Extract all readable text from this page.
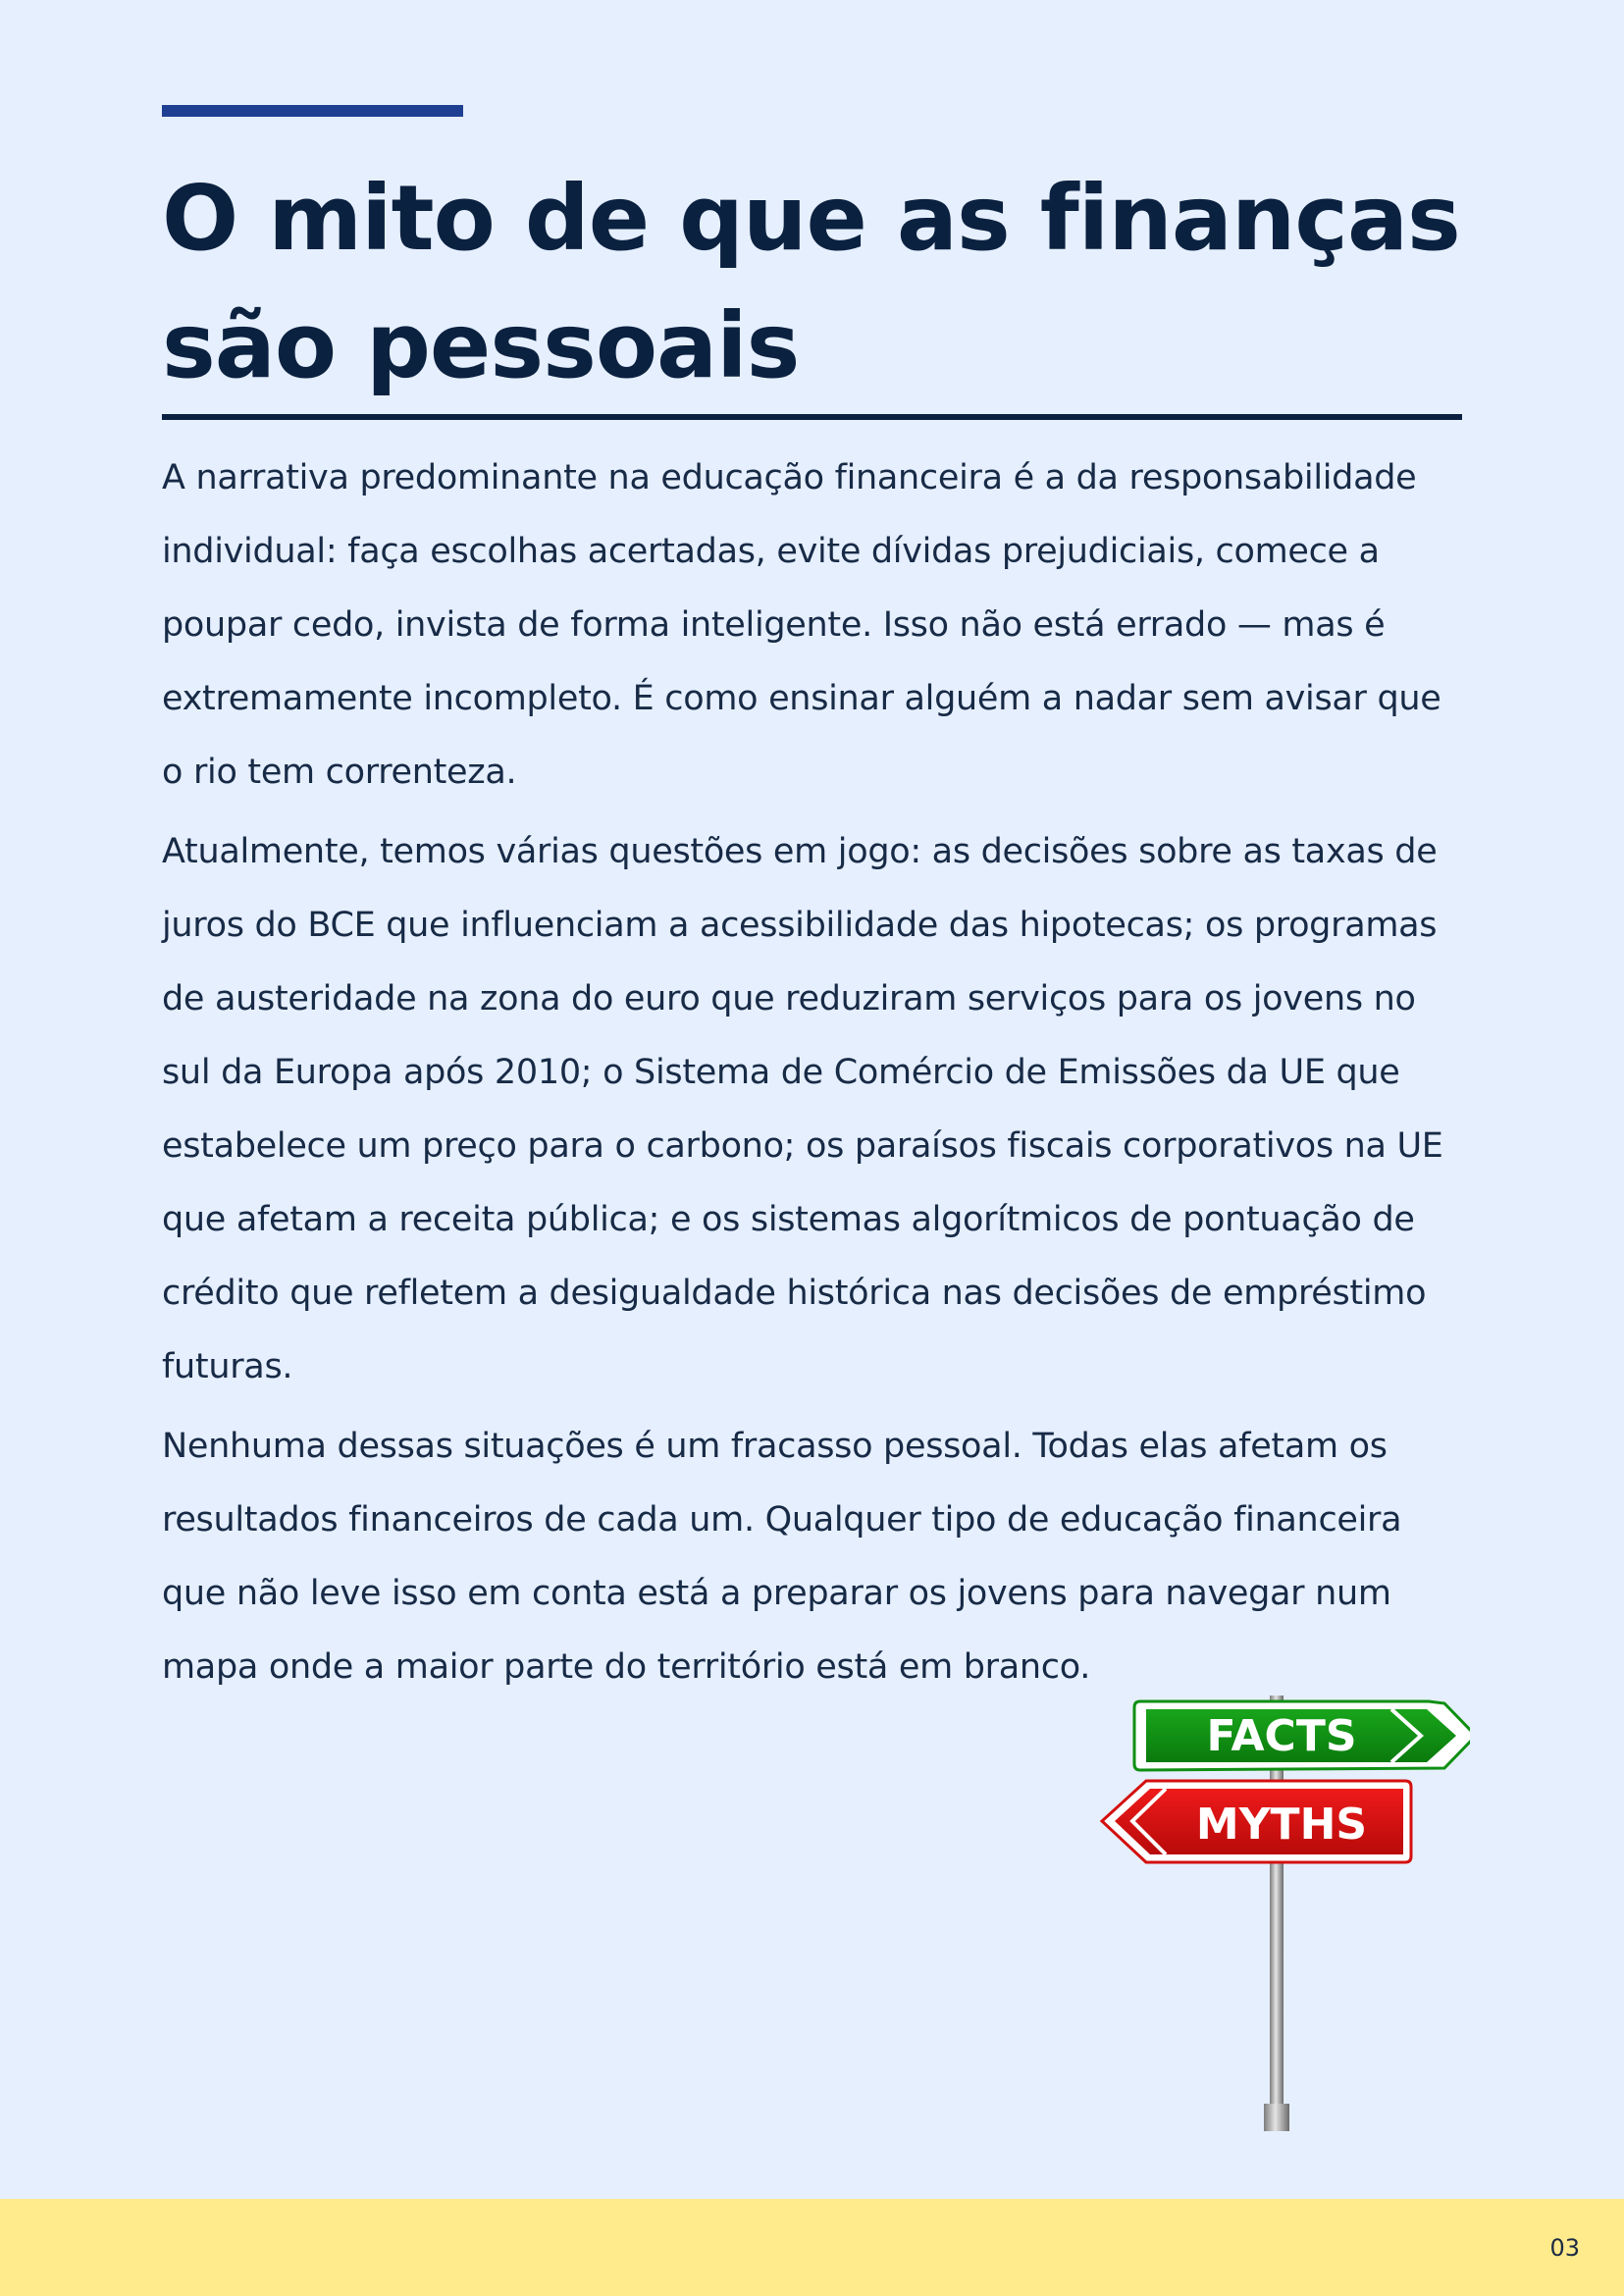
O mito de que as finanças são pessoais

A narrativa predominante na educação financeira é a da responsabilidade individual: faça escolhas acertadas, evite dívidas prejudiciais, comece a poupar cedo, invista de forma inteligente. Isso não está errado — mas é extremamente incompleto. É como ensinar alguém a nadar sem avisar que o rio tem correnteza.

Atualmente, temos várias questões em jogo: as decisões sobre as taxas de juros do BCE que influenciam a acessibilidade das hipotecas; os programas de austeridade na zona do euro que reduziram serviços para os jovens no sul da Europa após 2010; o Sistema de Comércio de Emissões da UE que estabelece um preço para o carbono; os paraísos fiscais corporativos na UE que afetam a receita pública; e os sistemas algorítmicos de pontuação de crédito que refletem a desigualdade histórica nas decisões de empréstimo futuras.

Nenhuma dessas situações é um fracasso pessoal. Todas elas afetam os resultados financeiros de cada um. Qualquer tipo de educação financeira que não leve isso em conta está a preparar os jovens para navegar num mapa onde a maior parte do território está em branco.

FACTS
MYTHS
03
